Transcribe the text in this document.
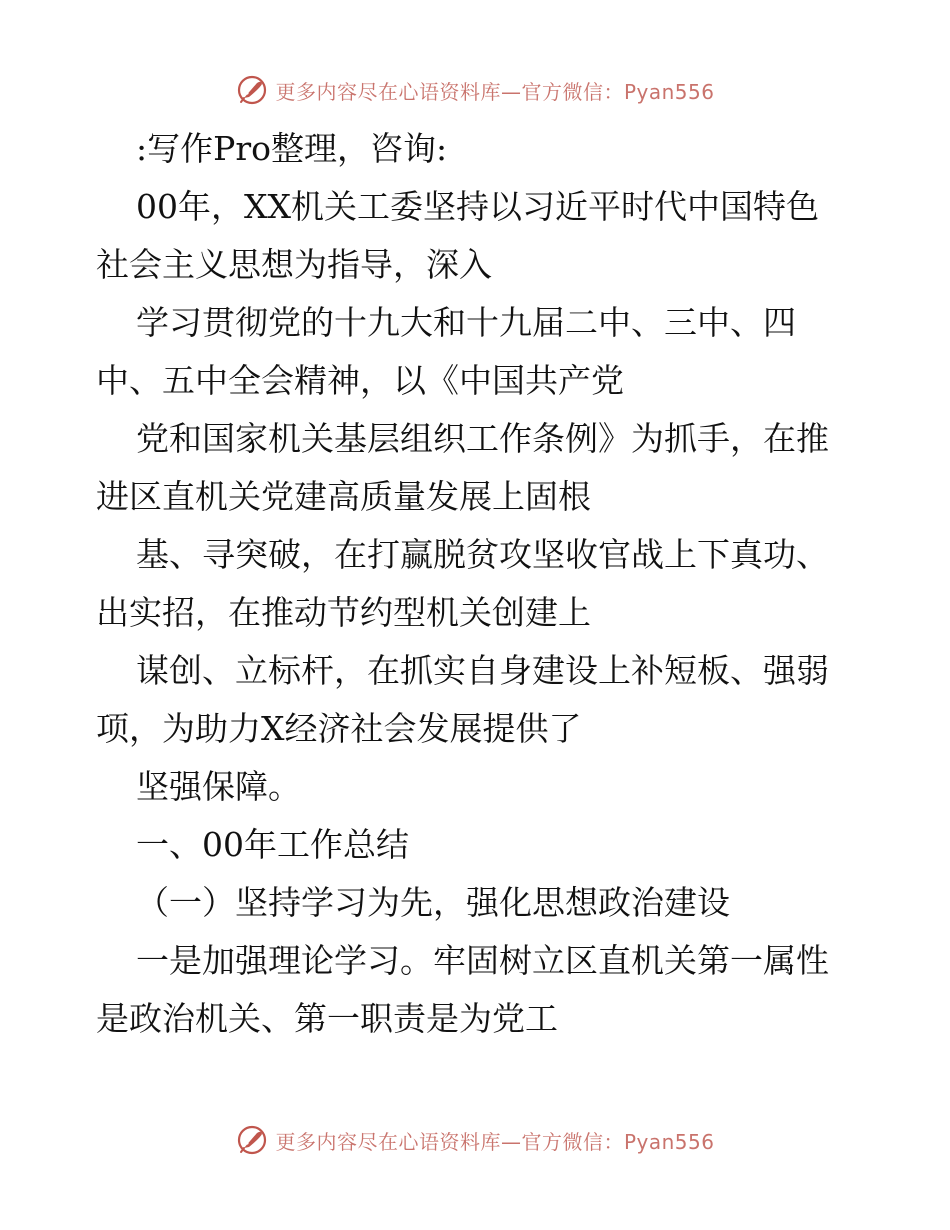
更多内容尽在心语资料库—官方微信：Pyan556
:写作Pro整理，咨询:
00年，XX机关工委坚持以习近平时代中国特色
社会主义思想为指导，深入
学习贯彻党的十九大和十九届二中、三中、四
中、五中全会精神，以《中国共产党
党和国家机关基层组织工作条例》为抓手，在推
进区直机关党建高质量发展上固根
基、寻突破，在打赢脱贫攻坚收官战上下真功、
出实招，在推动节约型机关创建上
谋创、立标杆，在抓实自身建设上补短板、强弱
项，为助力X经济社会发展提供了
坚强保障。
一、00年工作总结
（一）坚持学习为先，强化思想政治建设
一是加强理论学习。牢固树立区直机关第一属性
是政治机关、第一职责是为党工
更多内容尽在心语资料库—官方微信：Pyan556
